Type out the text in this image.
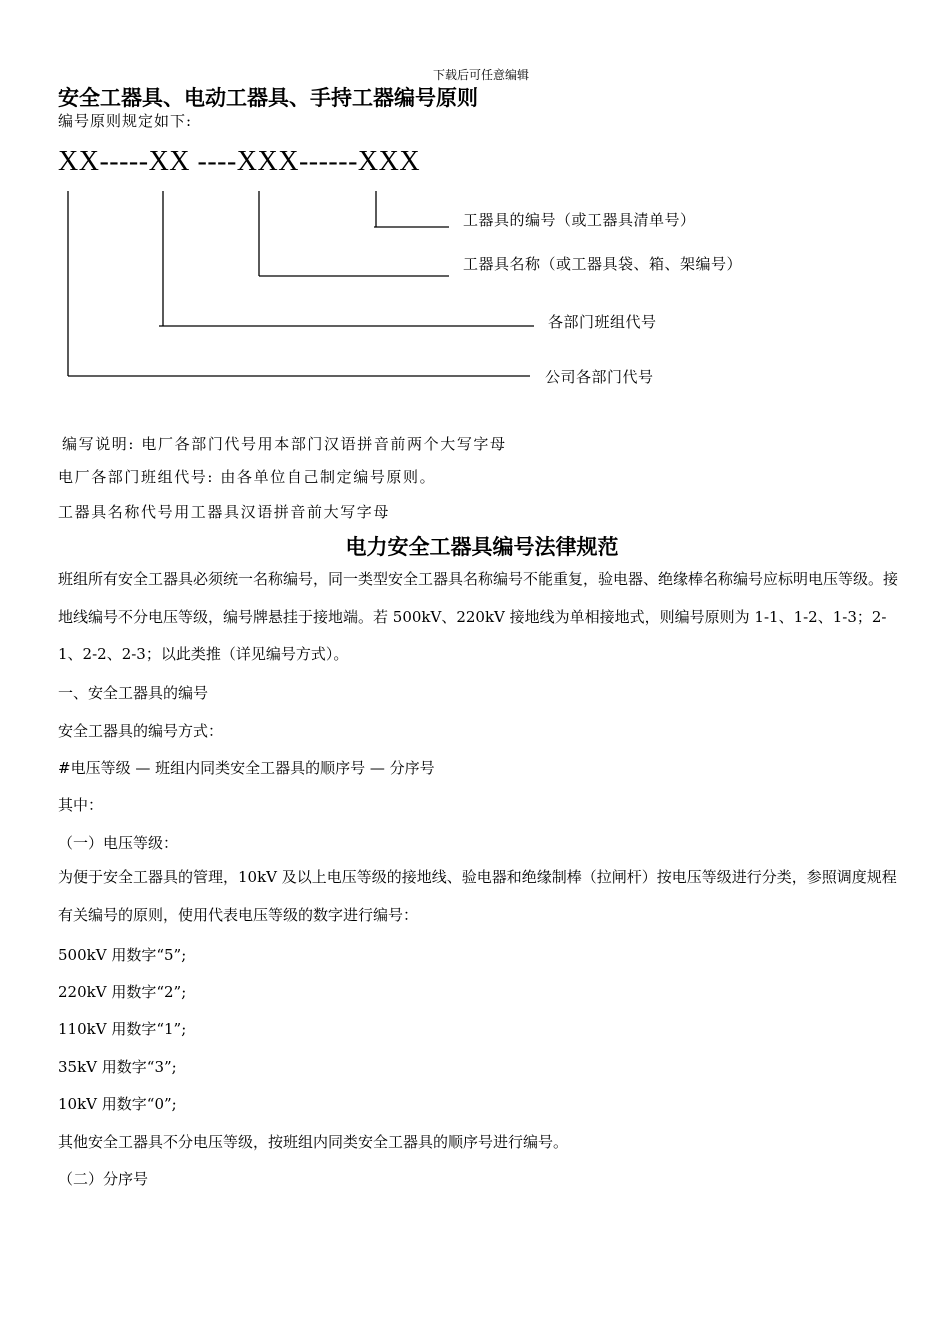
下载后可任意编辑
安全工器具、电动工器具、手持工器编号原则
编号原则规定如下:
XX-----XX ----XXX------XXX
工器具的编号（或工器具清单号）
工器具名称（或工器具袋、箱、架编号）
各部门班组代号
公司各部门代号
编写说明: 电厂各部门代号用本部门汉语拼音前两个大写字母
电厂各部门班组代号: 由各单位自己制定编号原则。
工器具名称代号用工器具汉语拼音前大写字母
电力安全工器具编号法律规范
班组所有安全工器具必须统一名称编号，同一类型安全工器具名称编号不能重复，验电器、绝缘棒名称编号应标明电压等级。接地线编号不分电压等级，编号牌悬挂于接地端。若 500kV、220kV 接地线为单相接地式，则编号原则为 1-1、1-2、1-3；2-1、2-2、2-3；以此类推（详见编号方式）。
一、安全工器具的编号
安全工器具的编号方式：
#电压等级 — 班组内同类安全工器具的顺序号 — 分序号
其中：
（一）电压等级：
为便于安全工器具的管理，10kV 及以上电压等级的接地线、验电器和绝缘制棒（拉闸杆）按电压等级进行分类，参照调度规程有关编号的原则，使用代表电压等级的数字进行编号：
500kV 用数字“5”;
220kV 用数字“2”;
110kV 用数字“1”;
35kV 用数字“3”;
10kV 用数字“0”;
其他安全工器具不分电压等级，按班组内同类安全工器具的顺序号进行编号。
（二）分序号
